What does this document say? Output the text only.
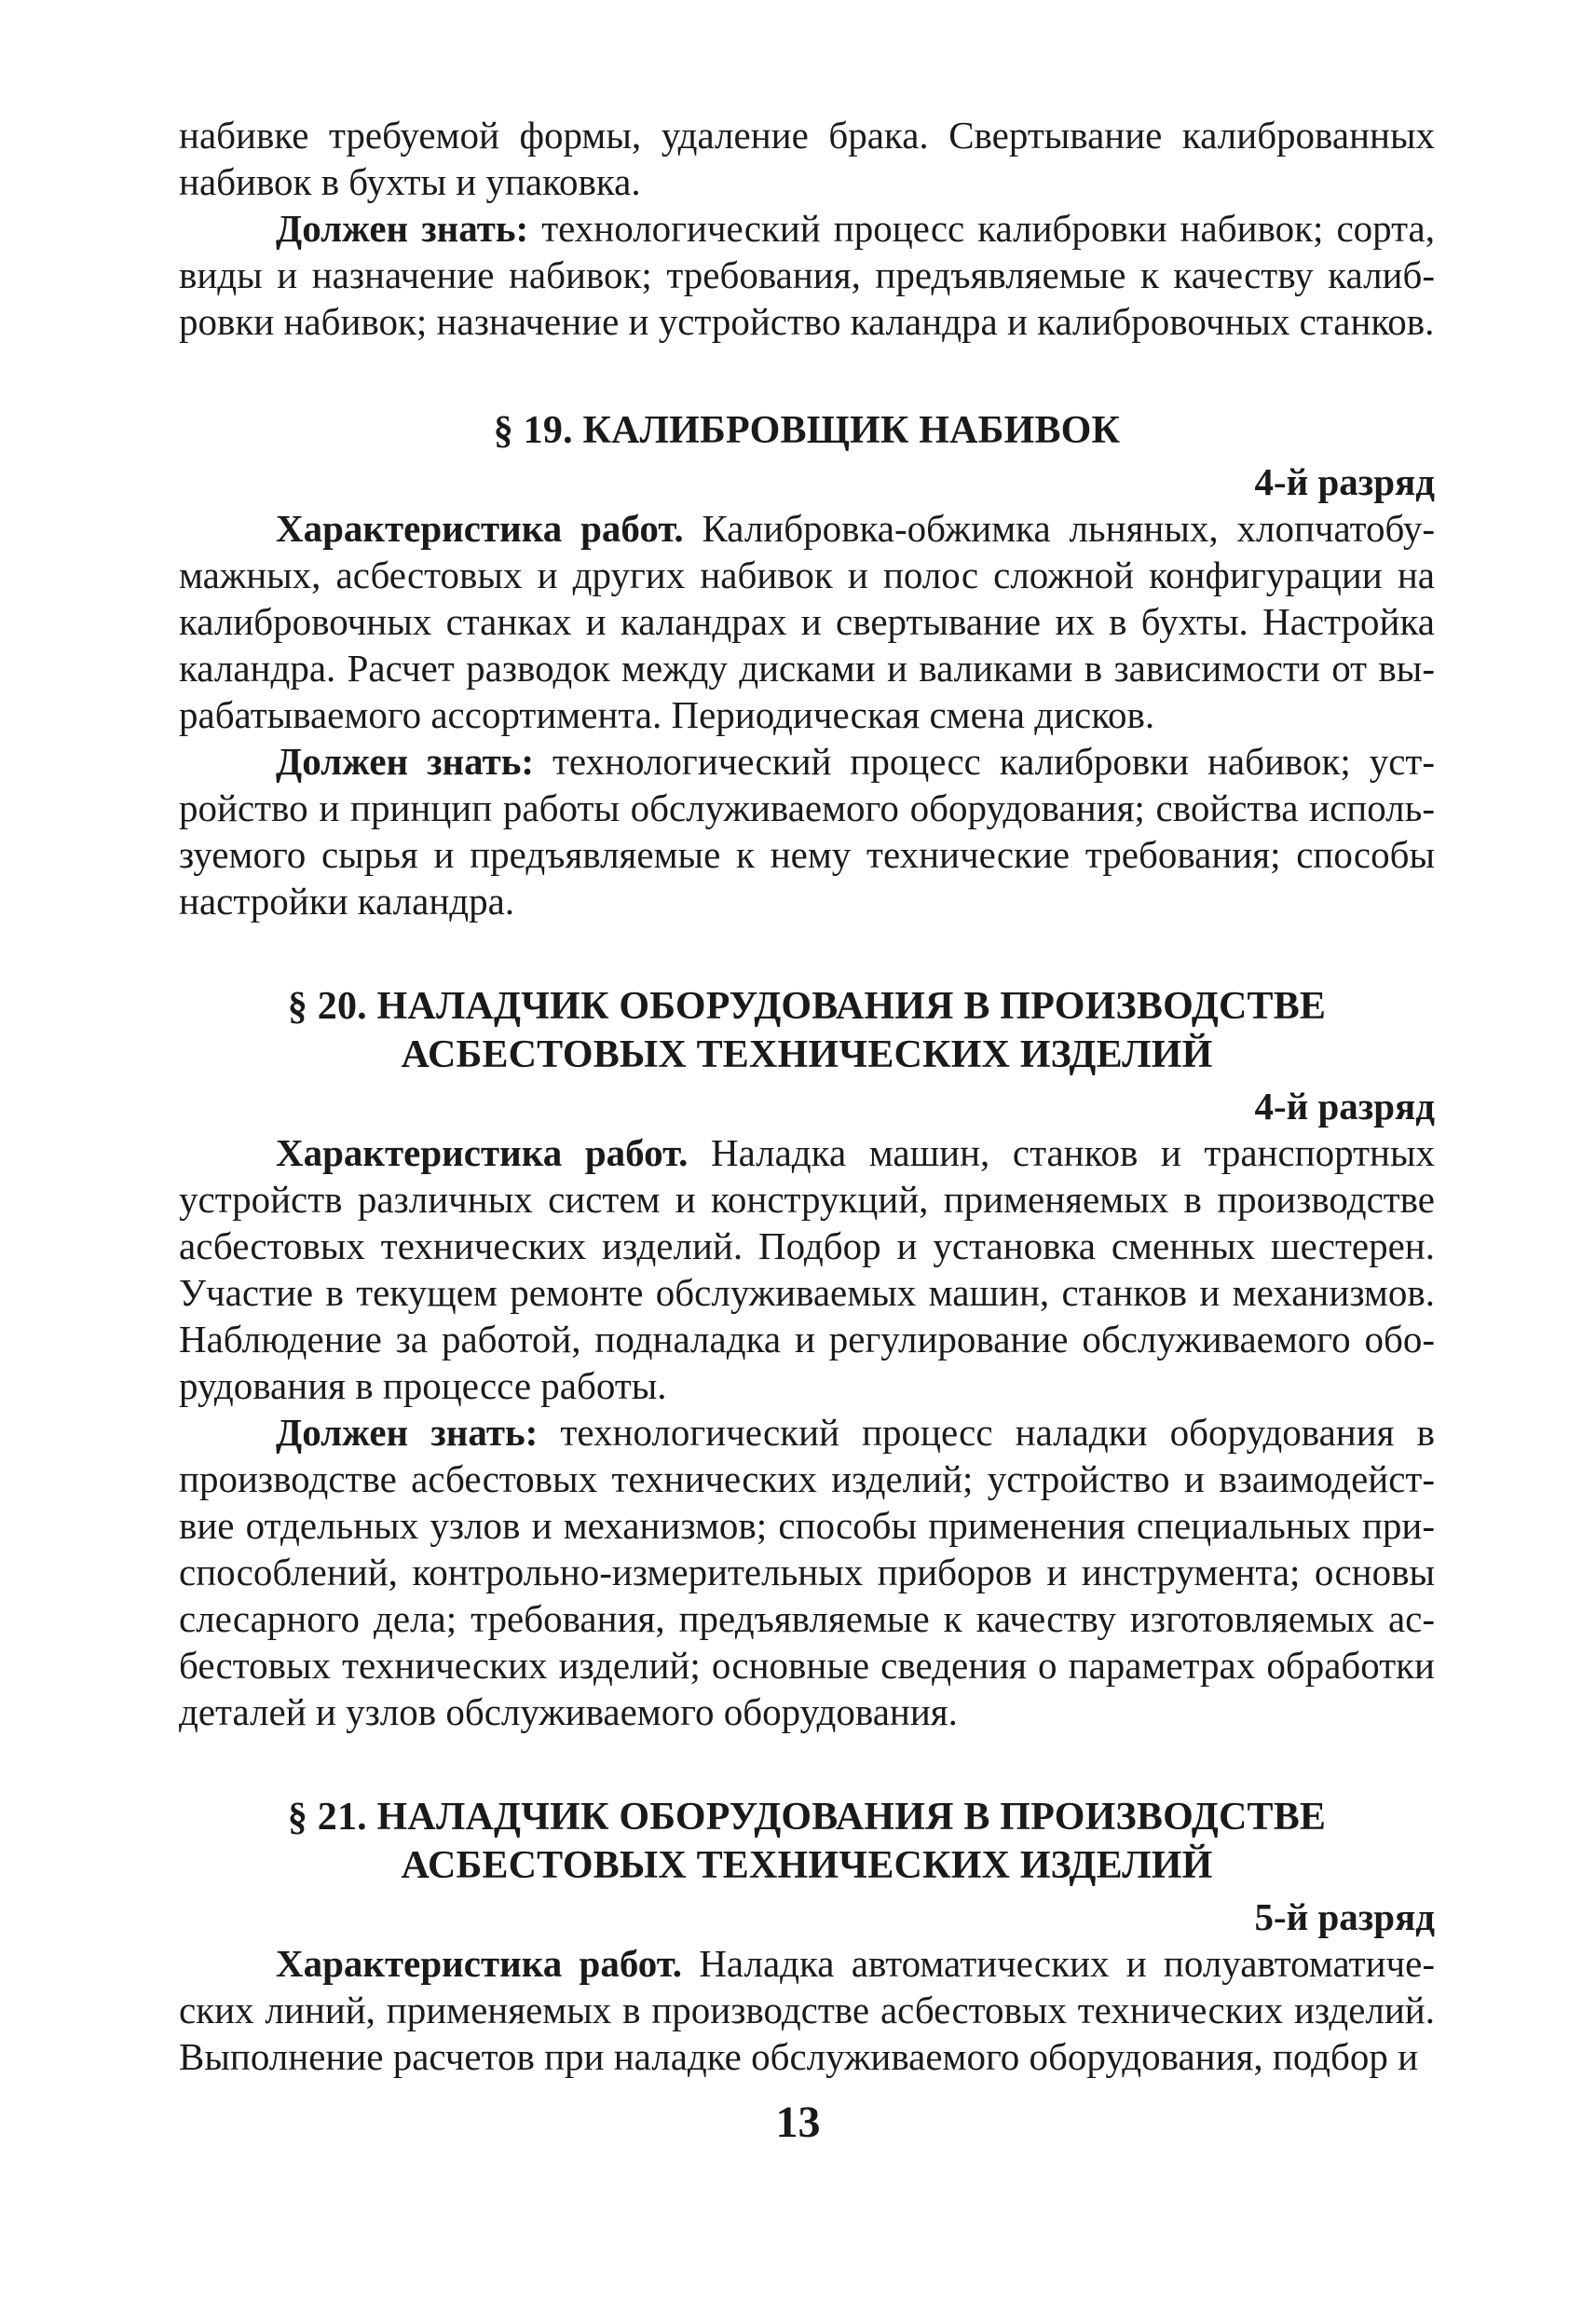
набивке требуемой формы, удаление брака. Свертывание калиброванных набивок в бухты и упаковка.

Должен знать: технологический процесс калибровки набивок; сорта, виды и назначение набивок; требования, предъявляемые к качеству калибровки набивок; назначение и устройство каландра и калибровочных станков.

§ 19. КАЛИБРОВЩИК НАБИВОК
4-й разряд

Характеристика работ. Калибровка-обжимка льняных, хлопчатобумажных, асбестовых и других набивок и полос сложной конфигурации на калибровочных станках и каландрах и свертывание их в бухты. Настройка каландра. Расчет разводок между дисками и валиками в зависимости от вырабатываемого ассортимента. Периодическая смена дисков.

Должен знать: технологический процесс калибровки набивок; устройство и принцип работы обслуживаемого оборудования; свойства используемого сырья и предъявляемые к нему технические требования; способы настройки каландра.

§ 20. НАЛАДЧИК ОБОРУДОВАНИЯ В ПРОИЗВОДСТВЕ
АСБЕСТОВЫХ ТЕХНИЧЕСКИХ ИЗДЕЛИЙ
4-й разряд

Характеристика работ. Наладка машин, станков и транспортных устройств различных систем и конструкций, применяемых в производстве асбестовых технических изделий. Подбор и установка сменных шестерен. Участие в текущем ремонте обслуживаемых машин, станков и механизмов. Наблюдение за работой, подналадка и регулирование обслуживаемого оборудования в процессе работы.

Должен знать: технологический процесс наладки оборудования в производстве асбестовых технических изделий; устройство и взаимодействие отдельных узлов и механизмов; способы применения специальных приспособлений, контрольно-измерительных приборов и инструмента; основы слесарного дела; требования, предъявляемые к качеству изготовляемых асбестовых технических изделий; основные сведения о параметрах обработки деталей и узлов обслуживаемого оборудования.

§ 21. НАЛАДЧИК ОБОРУДОВАНИЯ В ПРОИЗВОДСТВЕ
АСБЕСТОВЫХ ТЕХНИЧЕСКИХ ИЗДЕЛИЙ
5-й разряд

Характеристика работ. Наладка автоматических и полуавтоматических линий, применяемых в производстве асбестовых технических изделий. Выполнение расчетов при наладке обслуживаемого оборудования, подбор и

13
